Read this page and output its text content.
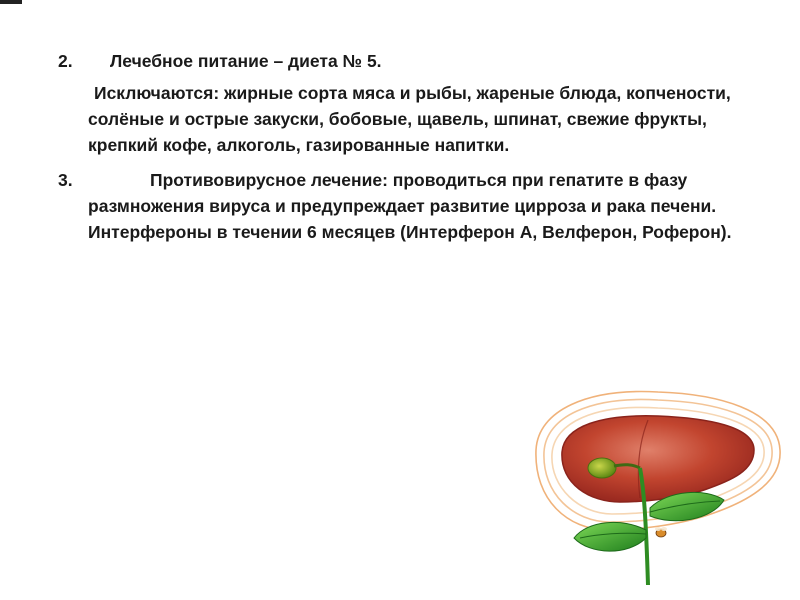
2.	Лечебное питание – диета № 5.

Исключаются: жирные сорта мяса и рыбы, жареные блюда, копчености, солёные и острые закуски, бобовые, щавель, шпинат, свежие фрукты, крепкий кофе, алкоголь, газированные напитки.

3.	Противовирусное лечение: проводиться при гепатите в фазу размножения вируса и предупреждает развитие цирроза и рака печени. Интерфероны в течении 6 месяцев (Интерферон А, Велферон, Роферон).
